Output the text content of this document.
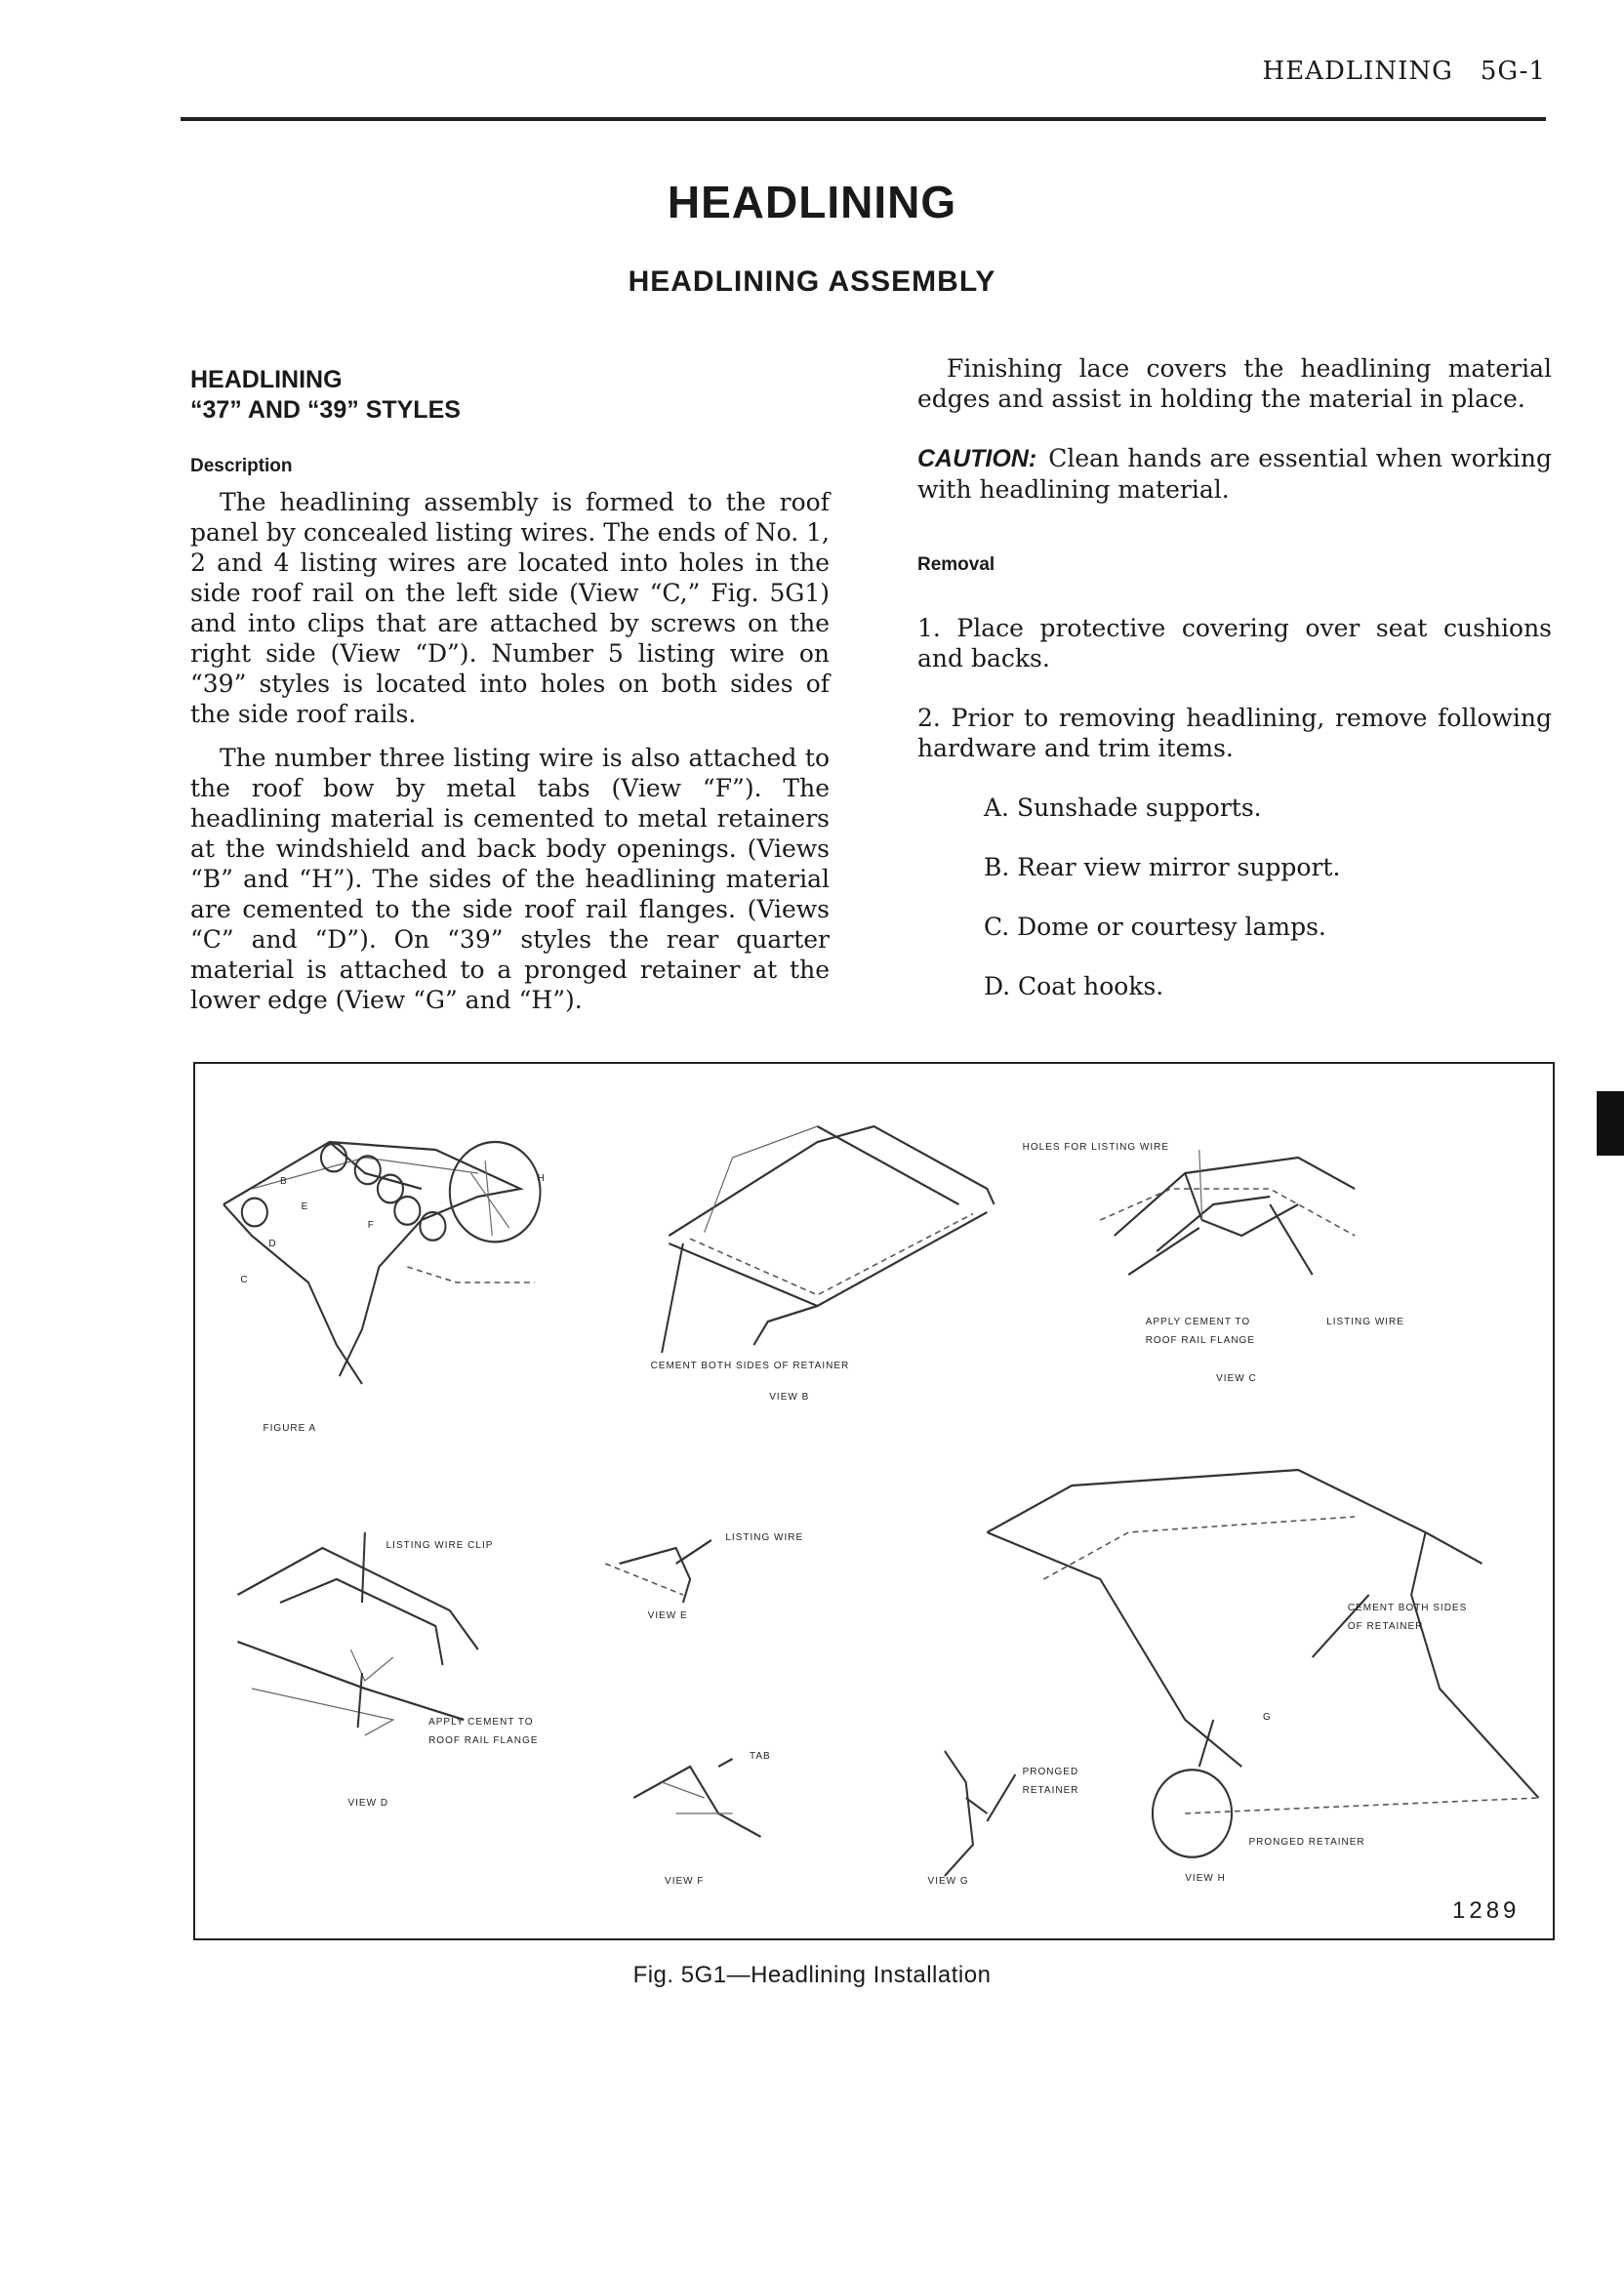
HEADLINING 5G-1
HEADLINING
HEADLINING ASSEMBLY
HEADLINING
“37” AND “39” STYLES
Description

The headlining assembly is formed to the roof panel by concealed listing wires. The ends of No. 1, 2 and 4 listing wires are located into holes in the side roof rail on the left side (View “C,” Fig. 5G1) and into clips that are attached by screws on the right side (View “D”). Number 5 listing wire on “39” styles is located into holes on both sides of the side roof rails.

The number three listing wire is also attached to the roof bow by metal tabs (View “F”). The headlining material is cemented to metal retainers at the windshield and back body openings. (Views “B” and “H”). The sides of the headlining material are cemented to the side roof rail flanges. (Views “C” and “D”). On “39” styles the rear quarter material is attached to a pronged retainer at the lower edge (View “G” and “H”).

Finishing lace covers the headlining material edges and assist in holding the material in place.

CAUTION: Clean hands are essential when working with headlining material.

Removal

1. Place protective covering over seat cushions and backs.

2. Prior to removing headlining, remove following hardware and trim items.

A. Sunshade supports.
B. Rear view mirror support.
C. Dome or courtesy lamps.
D. Coat hooks.
B
E
F
D
H
C
FIGURE A
CEMENT BOTH SIDES OF RETAINER
VIEW B
HOLES FOR LISTING WIRE
APPLY CEMENT TO
ROOF RAIL FLANGE
LISTING WIRE
VIEW C
LISTING WIRE CLIP
APPLY CEMENT TO
ROOF RAIL FLANGE
VIEW D
LISTING WIRE
VIEW E
TAB
VIEW F
PRONGED
RETAINER
VIEW G
CEMENT BOTH SIDES
OF RETAINER
G
PRONGED RETAINER
VIEW H
1289
Fig. 5G1—Headlining Installation
